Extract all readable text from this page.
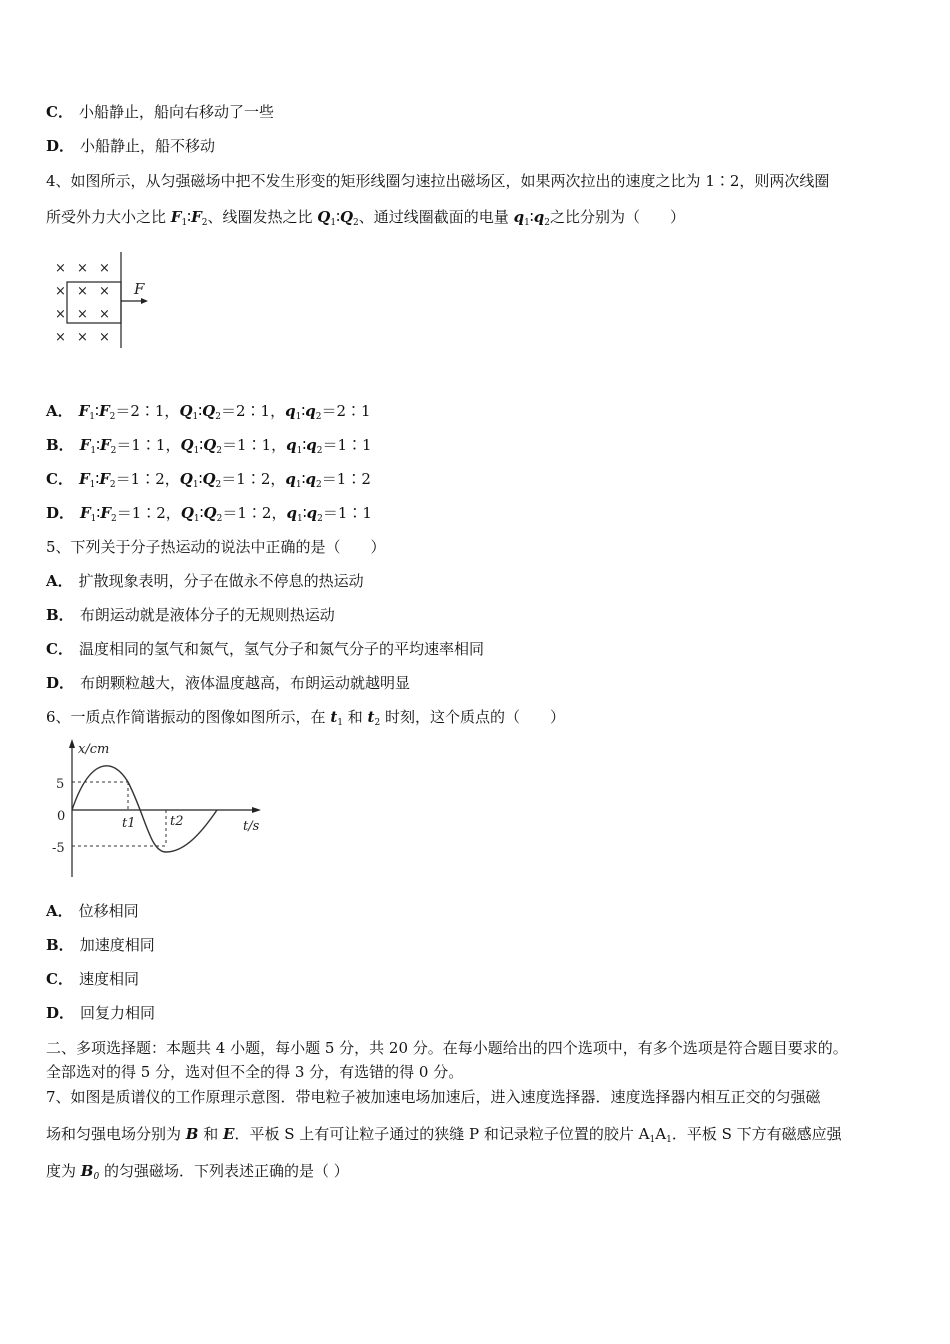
C． 小船静止，船向右移动了一些
D． 小船静止，船不移动
4、如图所示，从匀强磁场中把不发生形变的矩形线圈匀速拉出磁场区，如果两次拉出的速度之比为 1∶2，则两次线圈
所受外力大小之比 $F_1∶F_2$、线圈发热之比 $Q_1∶Q_2$、通过线圈截面的电量 $q_1∶q_2$之比分别为（　　）
× × ×
× × ×
× × ×
× × ×
F
A． $F_1∶F_2=2∶1$，$Q_1∶Q_2=2∶1$，$q_1∶q_2=2∶1$
B． $F_1∶F_2=1∶1$，$Q_1∶Q_2=1∶1$，$q_1∶q_2=1∶1$
C． $F_1∶F_2=1∶2$，$Q_1∶Q_2=1∶2$，$q_1∶q_2=1∶2$
D． $F_1∶F_2=1∶2$，$Q_1∶Q_2=1∶2$，$q_1∶q_2=1∶1$
5、下列关于分子热运动的说法中正确的是（　　）
A． 扩散现象表明，分子在做永不停息的热运动
B． 布朗运动就是液体分子的无规则热运动
C． 温度相同的氢气和氮气，氢气分子和氮气分子的平均速率相同
D． 布朗颗粒越大，液体温度越高，布朗运动就越明显
6、一质点作简谐振动的图像如图所示，在 $t_1$ 和 $t_2$ 时刻，这个质点的（　　）
x/cm
5
0
-5
t1	t2	t/s
A． 位移相同
B． 加速度相同
C． 速度相同
D． 回复力相同
二、多项选择题：本题共 4 小题，每小题 5 分，共 20 分。在每小题给出的四个选项中，有多个选项是符合题目要求的。
全部选对的得 5 分，选对但不全的得 3 分，有选错的得 0 分。
7、如图是质谱仪的工作原理示意图．带电粒子被加速电场加速后，进入速度选择器．速度选择器内相互正交的匀强磁
场和匀强电场分别为 B 和 E．平板 S 上有可让粒子通过的狭缝 P 和记录粒子位置的胶片 $A_1A_1$．平板 S 下方有磁感应强
度为 $B_0$ 的匀强磁场．下列表述正确的是（ ）
